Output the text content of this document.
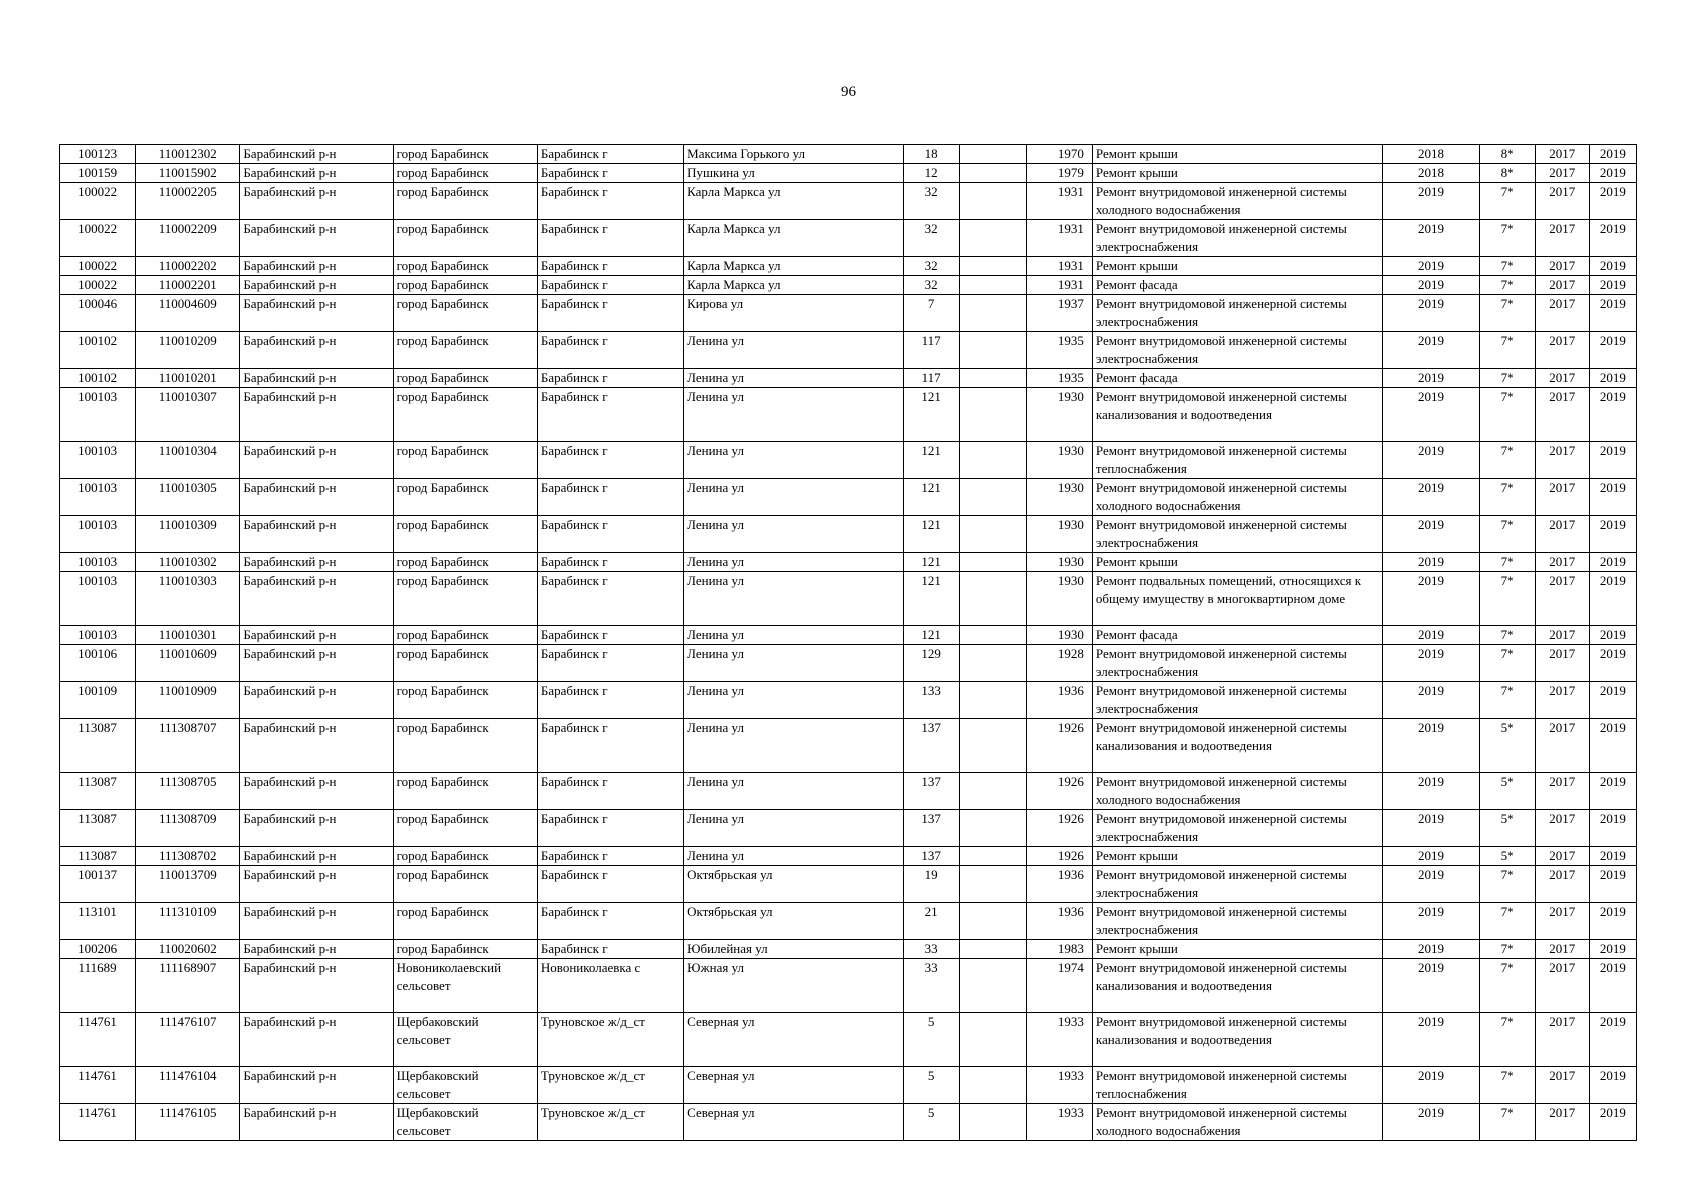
96
100123	110012302	Барабинский р-н	город Барабинск	Барабинск г	Максима Горького ул	18		1970	Ремонт крыши	2018	8*	2017	2019
100159	110015902	Барабинский р-н	город Барабинск	Барабинск г	Пушкина ул	12		1979	Ремонт крыши	2018	8*	2017	2019
100022	110002205	Барабинский р-н	город Барабинск	Барабинск г	Карла Маркса ул	32		1931	Ремонт внутридомовой инженерной системы холодного водоснабжения	2019	7*	2017	2019
100022	110002209	Барабинский р-н	город Барабинск	Барабинск г	Карла Маркса ул	32		1931	Ремонт внутридомовой инженерной системы электроснабжения	2019	7*	2017	2019
100022	110002202	Барабинский р-н	город Барабинск	Барабинск г	Карла Маркса ул	32		1931	Ремонт крыши	2019	7*	2017	2019
100022	110002201	Барабинский р-н	город Барабинск	Барабинск г	Карла Маркса ул	32		1931	Ремонт фасада	2019	7*	2017	2019
100046	110004609	Барабинский р-н	город Барабинск	Барабинск г	Кирова ул	7		1937	Ремонт внутридомовой инженерной системы электроснабжения	2019	7*	2017	2019
100102	110010209	Барабинский р-н	город Барабинск	Барабинск г	Ленина ул	117		1935	Ремонт внутридомовой инженерной системы электроснабжения	2019	7*	2017	2019
100102	110010201	Барабинский р-н	город Барабинск	Барабинск г	Ленина ул	117		1935	Ремонт фасада	2019	7*	2017	2019
100103	110010307	Барабинский р-н	город Барабинск	Барабинск г	Ленина ул	121		1930	Ремонт внутридомовой инженерной системы канализования и водоотведения	2019	7*	2017	2019
100103	110010304	Барабинский р-н	город Барабинск	Барабинск г	Ленина ул	121		1930	Ремонт внутридомовой инженерной системы теплоснабжения	2019	7*	2017	2019
100103	110010305	Барабинский р-н	город Барабинск	Барабинск г	Ленина ул	121		1930	Ремонт внутридомовой инженерной системы холодного водоснабжения	2019	7*	2017	2019
100103	110010309	Барабинский р-н	город Барабинск	Барабинск г	Ленина ул	121		1930	Ремонт внутридомовой инженерной системы электроснабжения	2019	7*	2017	2019
100103	110010302	Барабинский р-н	город Барабинск	Барабинск г	Ленина ул	121		1930	Ремонт крыши	2019	7*	2017	2019
100103	110010303	Барабинский р-н	город Барабинск	Барабинск г	Ленина ул	121		1930	Ремонт подвальных помещений, относящихся к общему имуществу в многоквартирном доме	2019	7*	2017	2019
100103	110010301	Барабинский р-н	город Барабинск	Барабинск г	Ленина ул	121		1930	Ремонт фасада	2019	7*	2017	2019
100106	110010609	Барабинский р-н	город Барабинск	Барабинск г	Ленина ул	129		1928	Ремонт внутридомовой инженерной системы электроснабжения	2019	7*	2017	2019
100109	110010909	Барабинский р-н	город Барабинск	Барабинск г	Ленина ул	133		1936	Ремонт внутридомовой инженерной системы электроснабжения	2019	7*	2017	2019
113087	111308707	Барабинский р-н	город Барабинск	Барабинск г	Ленина ул	137		1926	Ремонт внутридомовой инженерной системы канализования и водоотведения	2019	5*	2017	2019
113087	111308705	Барабинский р-н	город Барабинск	Барабинск г	Ленина ул	137		1926	Ремонт внутридомовой инженерной системы холодного водоснабжения	2019	5*	2017	2019
113087	111308709	Барабинский р-н	город Барабинск	Барабинск г	Ленина ул	137		1926	Ремонт внутридомовой инженерной системы электроснабжения	2019	5*	2017	2019
113087	111308702	Барабинский р-н	город Барабинск	Барабинск г	Ленина ул	137		1926	Ремонт крыши	2019	5*	2017	2019
100137	110013709	Барабинский р-н	город Барабинск	Барабинск г	Октябрьская ул	19		1936	Ремонт внутридомовой инженерной системы электроснабжения	2019	7*	2017	2019
113101	111310109	Барабинский р-н	город Барабинск	Барабинск г	Октябрьская ул	21		1936	Ремонт внутридомовой инженерной системы электроснабжения	2019	7*	2017	2019
100206	110020602	Барабинский р-н	город Барабинск	Барабинск г	Юбилейная ул	33		1983	Ремонт крыши	2019	7*	2017	2019
111689	111168907	Барабинский р-н	Новониколаевский сельсовет	Новониколаевка с	Южная ул	33		1974	Ремонт внутридомовой инженерной системы канализования и водоотведения	2019	7*	2017	2019
114761	111476107	Барабинский р-н	Щербаковский сельсовет	Труновское ж/д_ст	Северная ул	5		1933	Ремонт внутридомовой инженерной системы канализования и водоотведения	2019	7*	2017	2019
114761	111476104	Барабинский р-н	Щербаковский сельсовет	Труновское ж/д_ст	Северная ул	5		1933	Ремонт внутридомовой инженерной системы теплоснабжения	2019	7*	2017	2019
114761	111476105	Барабинский р-н	Щербаковский сельсовет	Труновское ж/д_ст	Северная ул	5		1933	Ремонт внутридомовой инженерной системы холодного водоснабжения	2019	7*	2017	2019
